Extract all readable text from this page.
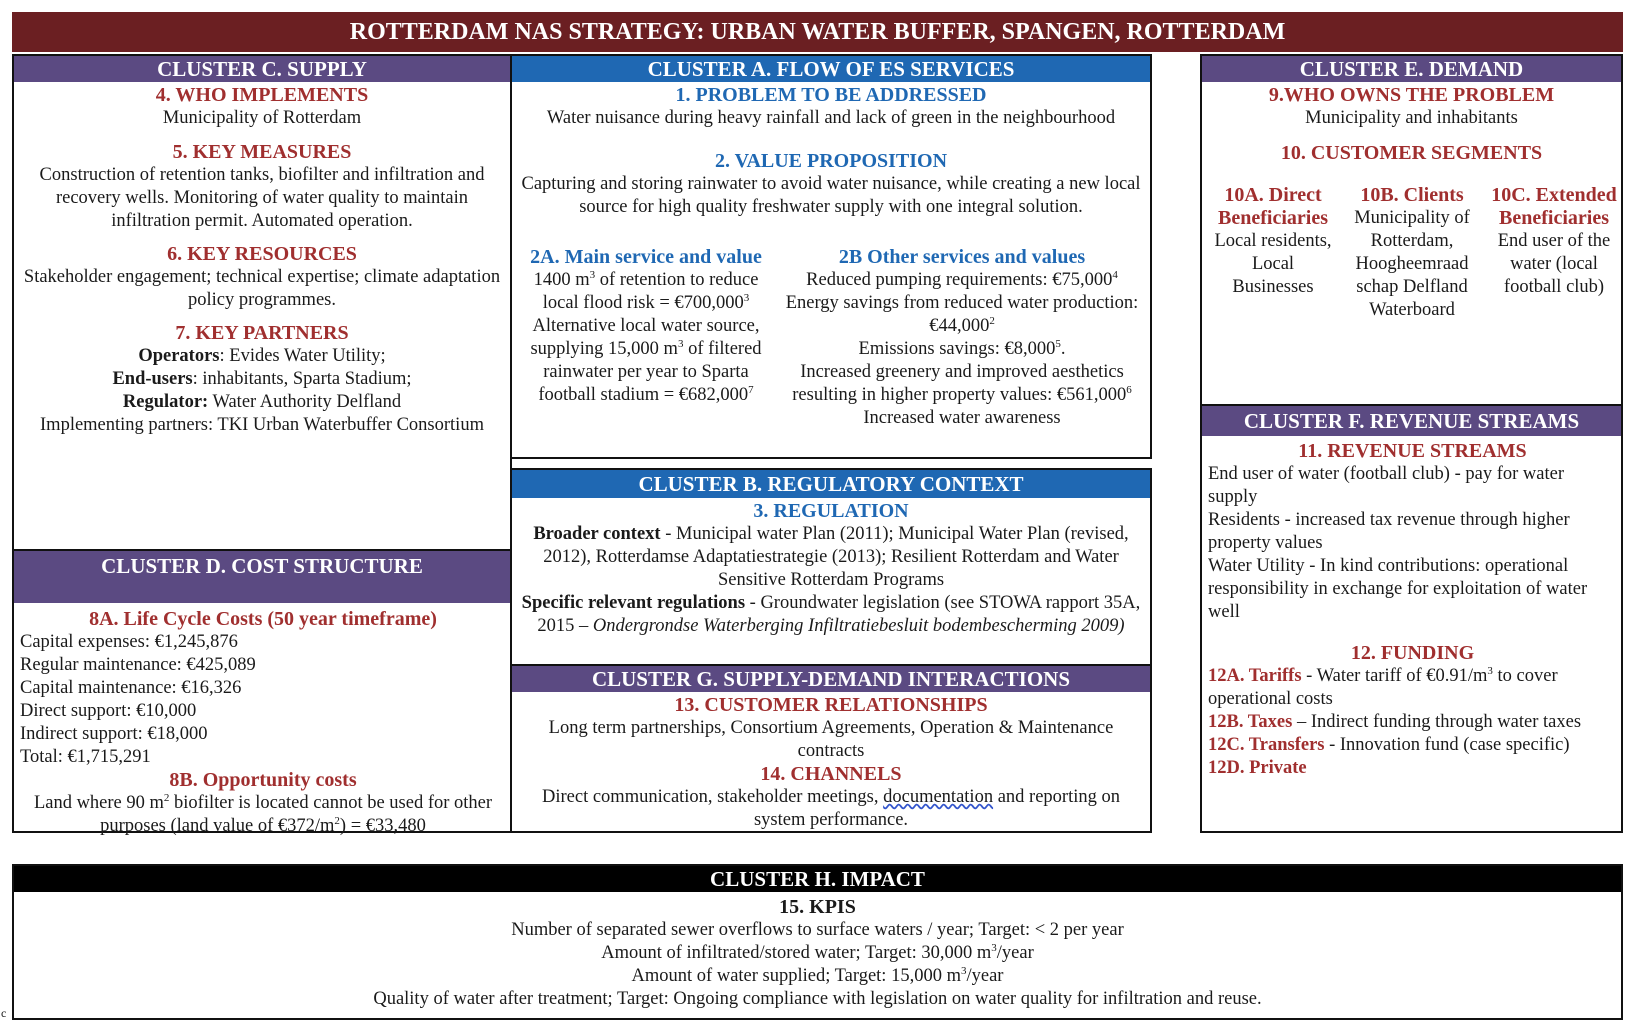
ROTTERDAM NAS STRATEGY: URBAN WATER BUFFER, SPANGEN, ROTTERDAM
CLUSTER C. SUPPLY
4. WHO IMPLEMENTS
Municipality of Rotterdam
5. KEY MEASURES
Construction of retention tanks, biofilter and infiltration and recovery wells. Monitoring of water quality to maintain infiltration permit. Automated operation.
6. KEY RESOURCES
Stakeholder engagement; technical expertise; climate adaptation policy programmes.
7. KEY PARTNERS
Operators: Evides Water Utility;
End-users: inhabitants, Sparta Stadium;
Regulator: Water Authority Delfland
Implementing partners: TKI Urban Waterbuffer Consortium
CLUSTER D. COST STRUCTURE
8A. Life Cycle Costs (50 year timeframe)
Capital expenses: €1,245,876
Regular maintenance: €425,089
Capital maintenance: €16,326
Direct support: €10,000
Indirect support: €18,000
Total: €1,715,291
8B. Opportunity costs
Land where 90 $m^2$ biofilter is located cannot be used for other purposes (land value of $€372/m^2$) = €33,480
CLUSTER A. FLOW OF ES SERVICES
1. PROBLEM TO BE ADDRESSED
Water nuisance during heavy rainfall and lack of green in the neighbourhood
2. VALUE PROPOSITION
Capturing and storing rainwater to avoid water nuisance, while creating a new local source for high quality freshwater supply with one integral solution.
2A. Main service and value
1400 $m^3$ of retention to reduce local flood risk = $€700,000^3$
Alternative local water source, supplying 15,000 $m^3$ of filtered rainwater per year to Sparta football stadium = $€682,000^7$
2B Other services and values
Reduced pumping requirements: €75,000$^4$
Energy savings from reduced water production: €44,000$^2$
Emissions savings: €8,000$^5$.
Increased greenery and improved aesthetics resulting in higher property values: €561,000$^6$
Increased water awareness
CLUSTER B. REGULATORY CONTEXT
3. REGULATION
Broader context - Municipal water Plan (2011); Municipal Water Plan (revised, 2012), Rotterdamse Adaptatiestrategie (2013); Resilient Rotterdam and Water Sensitive Rotterdam Programs
Specific relevant regulations - Groundwater legislation (see STOWA rapport 35A, 2015 – Ondergrondse Waterberging Infiltratiebesluit bodembescherming 2009)
CLUSTER G. SUPPLY-DEMAND INTERACTIONS
13. CUSTOMER RELATIONSHIPS
Long term partnerships, Consortium Agreements, Operation & Maintenance contracts
14. CHANNELS
Direct communication, stakeholder meetings, documentation and reporting on system performance.
CLUSTER E. DEMAND
9.WHO OWNS THE PROBLEM
Municipality and inhabitants
10. CUSTOMER SEGMENTS
10A. Direct Beneficiaries
Local residents, Local Businesses
10B. Clients
Municipality of Rotterdam, Hoogheemraad schap Delfland Waterboard
10C. Extended Beneficiaries
End user of the water (local football club)
CLUSTER F. REVENUE STREAMS
11. REVENUE STREAMS
End user of water (football club) - pay for water supply
Residents - increased tax revenue through higher property values
Water Utility - In kind contributions: operational responsibility in exchange for exploitation of water well
12. FUNDING
12A. Tariffs - Water tariff of $€0.91/m^3$ to cover operational costs
12B. Taxes – Indirect funding through water taxes
12C. Transfers - Innovation fund (case specific)
12D. Private
CLUSTER H. IMPACT
15. KPIS
Number of separated sewer overflows to surface waters / year; Target: < 2 per year
Amount of infiltrated/stored water; Target: 30,000 $m^3$/year
Amount of water supplied; Target: 15,000 $m^3$/year
Quality of water after treatment; Target: Ongoing compliance with legislation on water quality for infiltration and reuse.
c
